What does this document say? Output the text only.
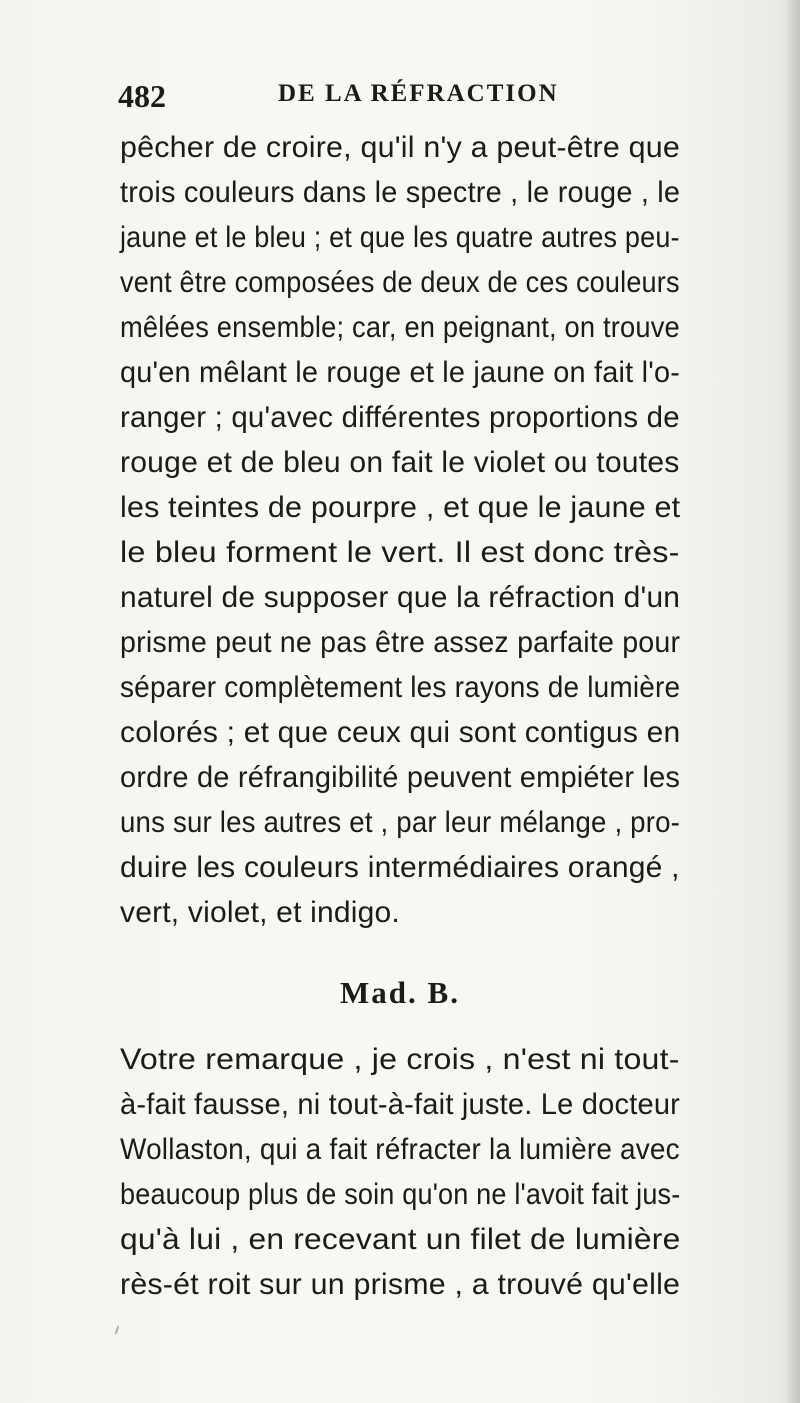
482	DE LA RÉFRACTION
pêcher de croire, qu'il n'y a peut-être que
trois couleurs dans le spectre , le rouge , le
jaune et le bleu ; et que les quatre autres peu-
vent être composées de deux de ces couleurs
mêlées ensemble; car, en peignant, on trouve
qu'en mêlant le rouge et le jaune on fait l'o-
ranger ; qu'avec différentes proportions de
rouge et de bleu on fait le violet ou toutes
les teintes de pourpre , et que le jaune et
le bleu forment le vert. Il est donc très-
naturel de supposer que la réfraction d'un
prisme peut ne pas être assez parfaite pour
séparer complètement les rayons de lumière
colorés ; et que ceux qui sont contigus en
ordre de réfrangibilité peuvent empiéter les
uns sur les autres et , par leur mélange , pro-
duire les couleurs intermédiaires orangé ,
vert, violet, et indigo.
Mad. B.
Votre remarque , je crois , n'est ni tout-
à-fait fausse, ni tout-à-fait juste. Le docteur
Wollaston, qui a fait réfracter la lumière avec
beaucoup plus de soin qu'on ne l'avoit fait jus-
qu'à lui , en recevant un filet de lumière
rès-ét roit sur un prisme , a trouvé qu'elle
